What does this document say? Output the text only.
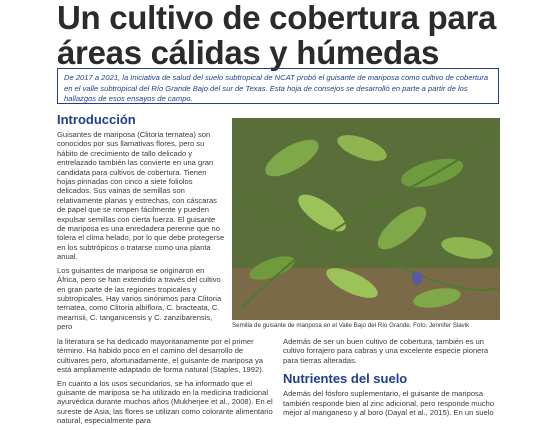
Un cultivo de cobertura para áreas cálidas y húmedas

De 2017 a 2021, la Iniciativa de salud del suelo subtropical de NCAT probó el guisante de mariposa como cultivo de cobertura en el valle subtropical del Río Grande Bajo del sur de Texas. Esta hoja de consejos se desarrolló en parte a partir de los hallazgos de esos ensayos de campo.

Introducción

Guisantes de mariposa (Clitoria ternatea) son conocidos por sus llamativas flores, pero su hábito de crecimiento de tallo delicado y entrelazado también las convierte en una gran candidata para cultivos de cobertura. Tienen hojas pinnadas con cinco a siete foliolos delicados. Sus vainas de semillas son relativamente planas y estrechas, con cáscaras de papel que se rompen fácilmente y pueden expulsar semillas con cierta fuerza. El guisante de mariposa es una enredadera perenne que no tolera el clima helado, por lo que debe protegerse en los subtrópicos o tratarse como una planta anual.

Los guisantes de mariposa se originaron en África, pero se han extendido a través del cultivo en gran parte de las regiones tropicales y subtropicales. Hay varios sinónimos para Clitoria ternatea, como Clitoria albiflora, C. bracteata, C. mearnsii, C. tanganicensis y C. zanzibarensis, pero	Semilla de guisante de mariposa en el Valle Bajo del Río Grande. Foto: Jennifer Slavik

la literatura se ha dedicado mayoritariamente por el primer término. Ha habido poco en el camino del desarrollo de cultivares pero, afortunadamente, el guisante de mariposa ya está ampliamente adaptado de forma natural (Staples, 1992).

En cuanto a los usos secundarios, se ha informado que el guisante de mariposa se ha utilizado en la medicina tradicional ayurvédica durante muchos años (Mukherjee et al., 2008). En el sureste de Asia, las flores se utilizan como colorante alimentario natural, especialmente para

Además de ser un buen cultivo de cobertura, también es un cultivo forrajero para cabras y una excelente especie pionera para tierras alteradas.

Nutrientes del suelo

Además del fósforo suplementario, el guisante de mariposa también responde bien al zinc adicional, pero responde mucho mejor al manganeso y al boro (Dayal et al., 2015). En un suelo
